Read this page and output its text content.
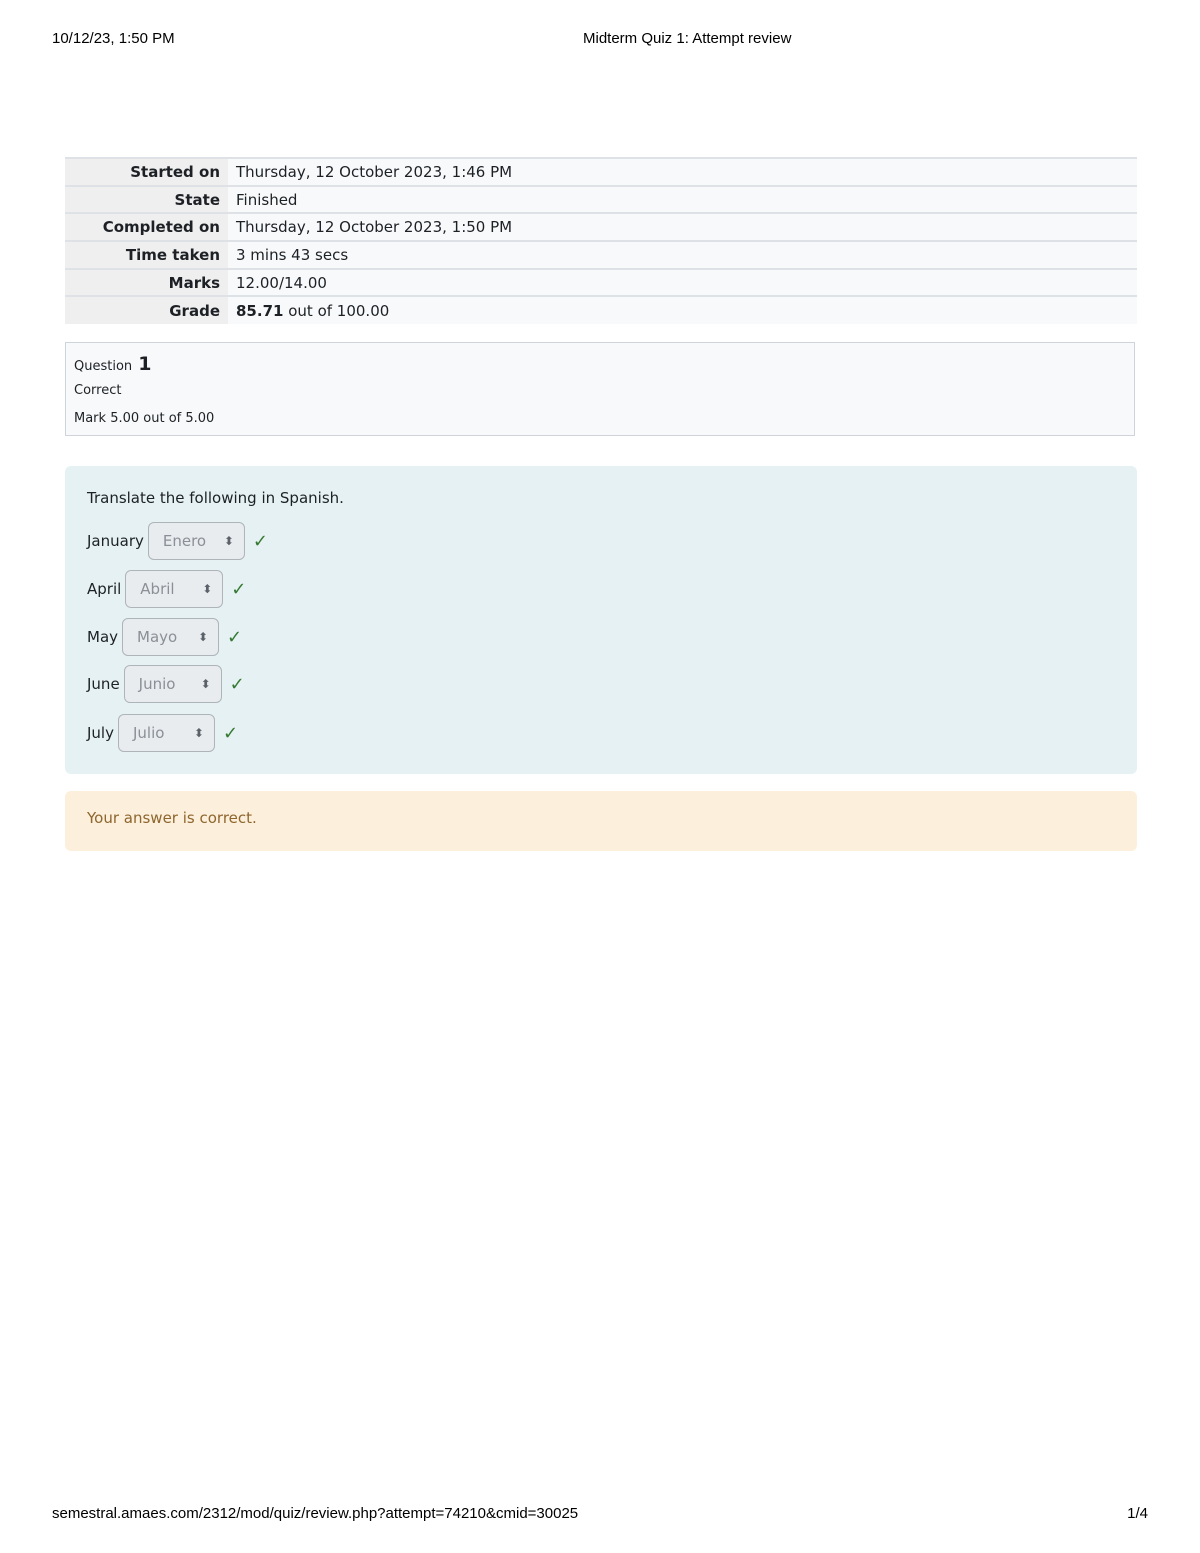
10/12/23, 1:50 PM	Midterm Quiz 1: Attempt review
Started on	Thursday, 12 October 2023, 1:46 PM
State	Finished
Completed on	Thursday, 12 October 2023, 1:50 PM
Time taken	3 mins 43 secs
Marks	12.00/14.00
Grade	85.71 out of 100.00
Question 1
Correct
Mark 5.00 out of 5.00
Translate the following in Spanish.
January Enero ⬍ ✓
April Abril ⬍ ✓
May Mayo ⬍ ✓
June Junio ⬍ ✓
July Julio ⬍ ✓
Your answer is correct.
semestral.amaes.com/2312/mod/quiz/review.php?attempt=74210&cmid=30025	1/4
